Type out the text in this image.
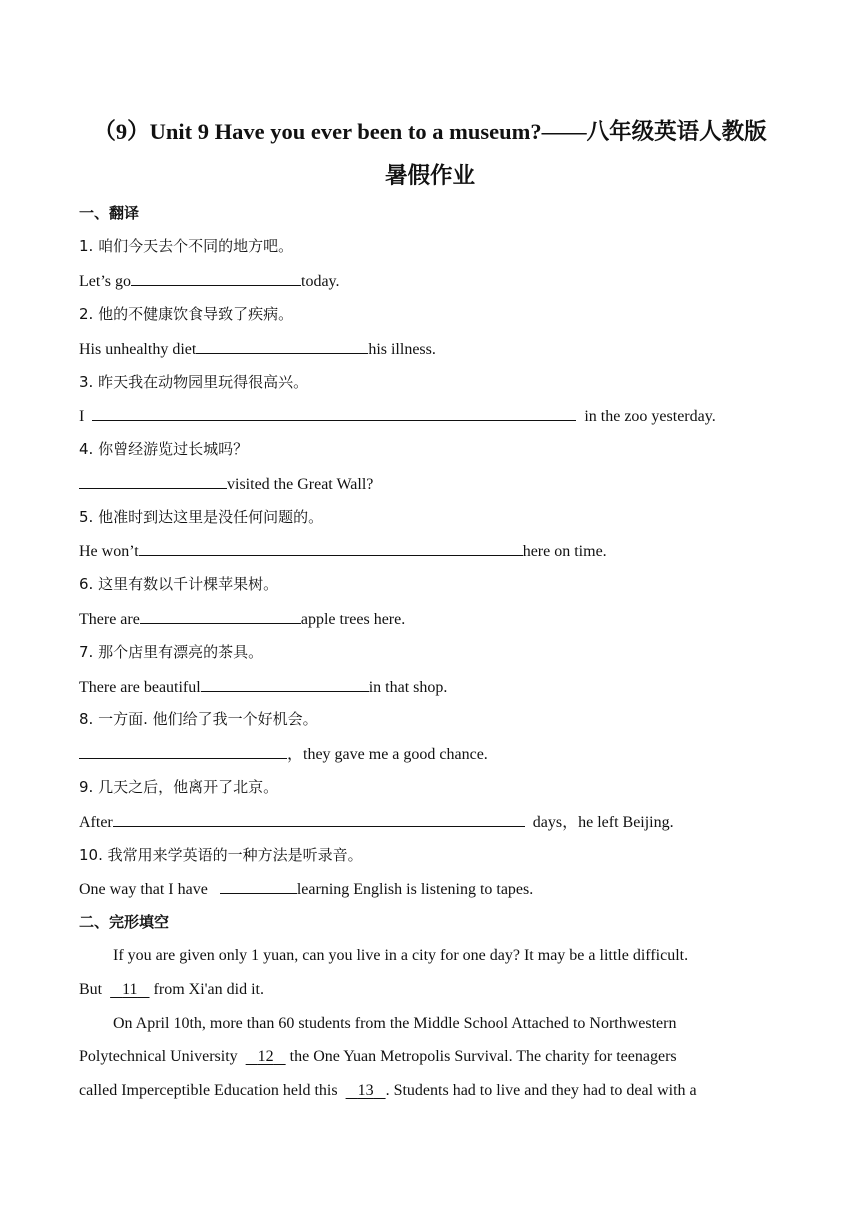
（9）Unit 9 Have you ever been to a museum?——八年级英语人教版
暑假作业
一、翻译
1. 咱们今天去个不同的地方吧。
Let’s go	today.
2. 他的不健康饮食导致了疾病。
His unhealthy diet	his illness.
3. 昨天我在动物园里玩得很高兴。
I	in the zoo yesterday.
4. 你曾经游览过长城吗？
visited the Great Wall?
5. 他准时到达这里是没任何问题的。
He won’t	here on time.
6. 这里有数以千计棵苹果树。
There are	apple trees here.
7. 那个店里有漂亮的茶具。
There are beautiful	in that shop.
8. 一方面. 他们给了我一个好机会。
，they gave me a good chance.
9. 几天之后，他离开了北京。
After	days，he left Beijing.
10. 我常用来学英语的一种方法是听录音。
One way that I have	learning English is listening to tapes.
二、完形填空
If you are given only 1 yuan, can you live in a city for one day? It may be a little difficult.
But 11 from Xi'an did it.
On April 10th, more than 60 students from the Middle School Attached to Northwestern
Polytechnical University 12 the One Yuan Metropolis Survival. The charity for teenagers
called Imperceptible Education held this 13 . Students had to live and they had to deal with a
